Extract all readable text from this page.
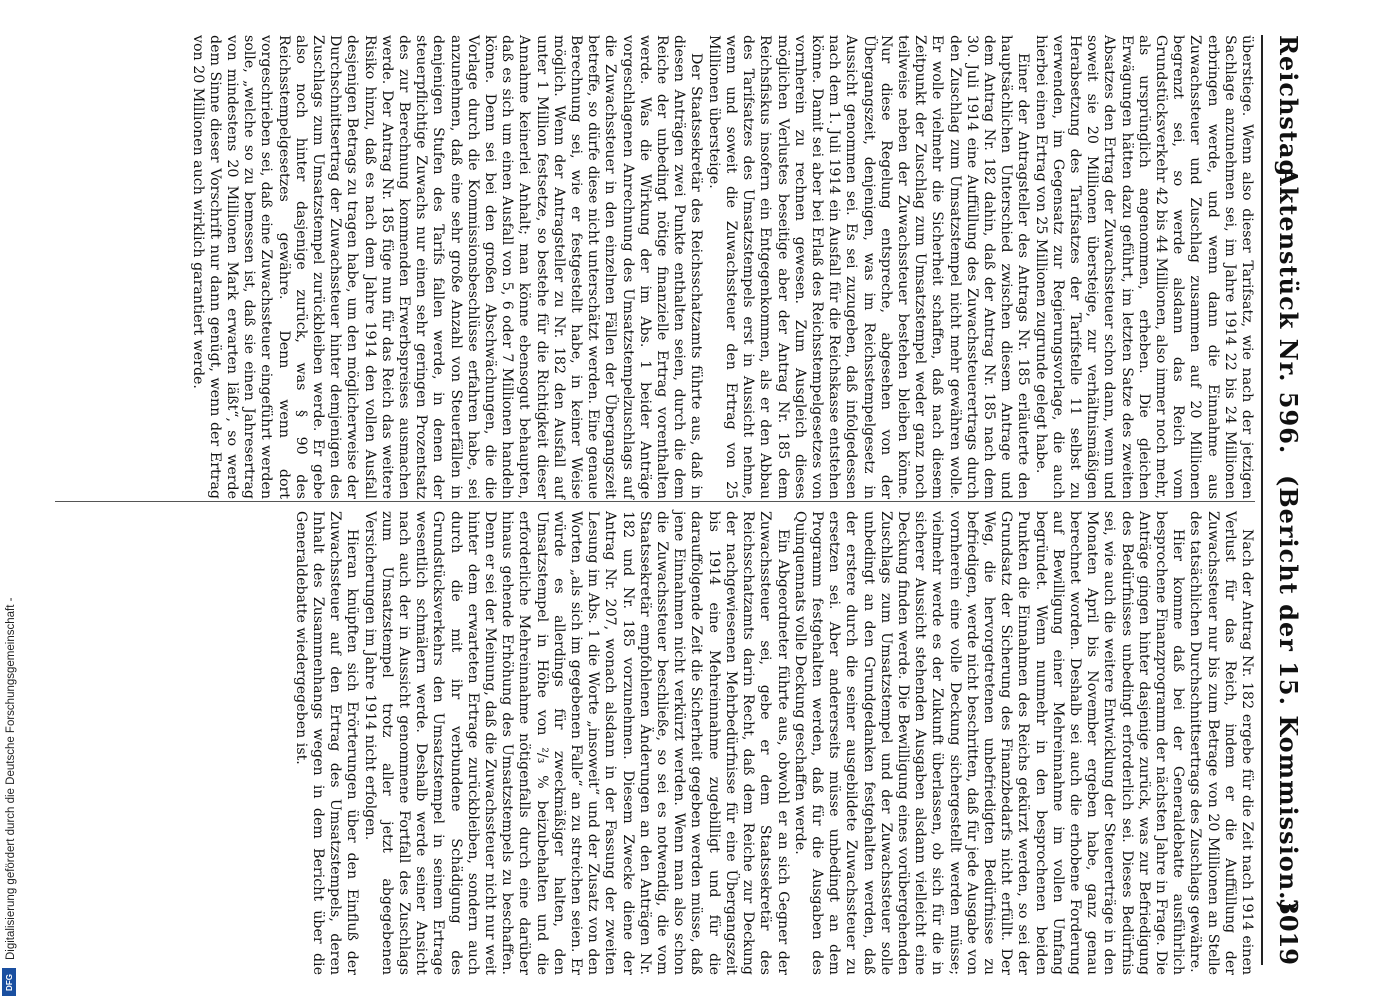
Reichstag.
Aktenstück Nr. 596.
(Bericht der 15. Kommission.)
3019

überstiege. Wenn also dieser Tarifsatz, wie nach der jetzigen Sachlage anzunehmen sei, im Jahre 1914 22 bis 24 Millionen erbringen werde, und wenn dann die Einnahme aus Zuwachssteuer und Zuschlag zusammen auf 20 Millionen begrenzt sei, so werde alsdann das Reich vom Grundstücksverkehr 42 bis 44 Millionen, also immer noch mehr, als ursprünglich angenommen, erheben. Die gleichen Erwägungen hätten dazu geführt, im letzten Satze des zweiten Absatzes den Ertrag der Zuwachssteuer schon dann, wenn und soweit sie 20 Millionen übersteige, zur verhältnismäßigen Herabsetzung des Tarifsatzes der Tarifstelle 11 selbst zu verwenden, im Gegensatz zur Regierungsvorlage, die auch hierbei einen Ertrag von 25 Millionen zugrunde gelegt habe.

Einer der Antragsteller des Antrags Nr. 185 erläuterte den hauptsächlichen Unterschied zwischen diesem Antrage und dem Antrag Nr. 182 dahin, daß der Antrag Nr. 185 nach dem 30. Juli 1914 eine Auffüllung des Zuwachssteuerertrags durch den Zuschlag zum Umsatzstempel nicht mehr gewähren wolle. Er wolle vielmehr die Sicherheit schaffen, daß nach diesem Zeitpunkt der Zuschlag zum Umsatzstempel weder ganz noch teilweise neben der Zuwachssteuer bestehen bleiben könne. Nur diese Regelung entspreche, abgesehen von der Übergangszeit, denjenigen, was im Reichsstempelgesetz in Aussicht genommen sei. Es sei zuzugeben, daß infolgedessen nach dem 1. Juli 1914 ein Ausfall für die Reichskasse entstehen könne. Damit sei aber bei Erlaß des Reichsstempelgesetzes von vornherein zu rechnen gewesen. Zum Ausgleich dieses möglichen Verlustes beseitige aber der Antrag Nr. 185 dem Reichsfiskus insofern ein Entgegenkommen, als er den Abbau des Tarifsatzes des Umsatzstempels erst in Aussicht nehme, wenn und soweit die Zuwachssteuer den Ertrag von 25 Millionen übersteige.

Der Staatssekretär des Reichsschatzamts führte aus, daß in diesen Anträgen zwei Punkte enthalten seien, durch die dem Reiche der unbedingt nötige finanzielle Ertrag vorenthalten werde. Was die Wirkung der im Abs. 1 beider Anträge vorgeschlagenen Anrechnung des Umsatzstempelzuschlags auf die Zuwachssteuer in den einzelnen Fällen der Übergangszeit betreffe, so dürfe diese nicht unterschätzt werden. Eine genaue Berechnung sei, wie er festgestellt habe, in keiner Weise möglich. Wenn der Antragsteller zu Nr. 182 den Ausfall auf unter 1 Million festsetze, so bestehe für die Richtigkeit dieser Annahme keinerlei Anhalt; man könne ebensogut behaupten, daß es sich um einen Ausfall von 5, 6 oder 7 Millionen handeln könne. Denn sei bei den großen Abschwächungen, die die Vorlage durch die Kommissionsbeschlüsse erfahren habe, sei anzunehmen, daß eine sehr große Anzahl von Steuerfällen in denjenigen Stufen des Tarifs fallen werde, in denen der steuerpflichtige Zuwachs nur einen sehr geringen Prozentsatz des zur Berechnung kommenden Erwerbspreises ausmachen werde. Der Antrag Nr. 185 füge nun für das Reich das weitere Risiko hinzu, daß es nach dem Jahre 1914 den vollen Ausfall desjenigen Betrags zu tragen habe, um den möglicherweise der Durchschnittsertrag der Zuwachssteuer hinter demjenigen des Zuschlags zum Umsatzstempel zurückbleiben werde. Er gebe also noch hinter dasjenige zurück, was § 90 des Reichsstempelgesetzes gewähre. Denn wenn dort vorgeschrieben sei, daß eine Zuwachssteuer eingeführt werden solle, „welche so zu bemessen ist, daß sie einen Jahresertrag von mindestens 20 Millionen Mark erwarten läßt“, so werde dem Sinne dieser Vorschrift nur dann genügt, wenn der Ertrag von 20 Millionen auch wirklich garantiert werde.

Nach der Antrag Nr. 182 ergebe für die Zeit nach 1914 einen Verlust für das Reich, indem er die Auffüllung der Zuwachssteuer nur bis zum Betrage von 20 Millionen an Stelle des tatsächlichen Durchschnittsertrags des Zuschlags gewähre.

Hier komme daß bei der Generaldebatte ausführlich besprochene Finanzprogramm der nächsten Jahre in Frage. Die Anträge gingen hinter dasjenige zurück, was zur Befriedigung des Bedürfnisses unbedingt erforderlich sei. Dieses Bedürfnis sei, wie auch die weitere Entwicklung der Steuererträge in den Monaten April bis November ergeben habe, ganz genau berechnet worden. Deshalb sei auch die erhobene Forderung auf Bewilligung einer Mehreinnahme im vollen Umfang begründet. Wenn nunmehr in den besprochenen beiden Punkten die Einnahmen des Reichs gekürzt werden, so sei der Grundsatz der Sicherung des Finanzbedarfs nicht erfüllt. Der Weg, die hervorgetretenen unbefriedigten Bedürfnisse zu befriedigen, werde nicht beschritten, daß für jede Ausgabe von vornherein eine volle Deckung sichergestellt werden müsse; vielmehr werde es der Zukunft überlassen, ob sich für die in sicherer Aussicht stehenden Ausgaben alsdann vielleicht eine Deckung finden werde. Die Bewilligung eines vorübergehenden Zuschlags zum Umsatzstempel und der Zuwachssteuer solle unbedingt an den Grundgedanken festgehalten werden, daß der erstere durch die seiner ausgebildete Zuwachssteuer zu ersetzen sei. Aber andererseits müsse unbedingt an dem Programm festgehalten werden, daß für die Ausgaben des Quinquennats volle Deckung geschaffen werde.

Ein Abgeordneter führte aus, obwohl er an sich Gegner der Zuwachssteuer sei, gebe er dem Staatssekretär des Reichsschatzamts darin Recht, daß dem Reiche zur Deckung der nachgewiesenen Mehrbedürfnisse für eine Übergangszeit bis 1914 eine Mehreinnahme zugebilligt und für die darauffolgende Zeit die Sicherheit gegeben werden müsse, daß jene Einnahmen nicht verkürzt werden. Wenn man also schon die Zuwachssteuer beschließe, so sei es notwendig, die vom Staatssekretär empfohlenen Änderungen an den Anträgen Nr. 182 und Nr. 185 vorzunehmen. Diesem Zwecke diene der Antrag Nr. 207, wonach alsdann in der Fassung der zweiten Lesung im Abs. 1 die Worte „insoweit“ und der Zusatz von den Worten „als sich im gegebenen Falle“ an zu streichen seien. Er würde es allerdings für zweckmäßiger halten, den Umsatzstempel in Höhe von ²/₃ % beizubehalten und die erforderliche Mehreinnahme nötigenfalls durch eine darüber hinaus gehende Erhöhung des Umsatzstempels zu beschaffen. Denn er sei der Meinung, daß die Zuwachssteuer nicht nur weit hinter dem erwarteten Ertrage zurückbleiben, sondern auch durch die mit ihr verbundene Schädigung des Grundstücksverkehrs den Umsatzstempel in seinem Ertrage wesentlich schmälern werde. Deshalb werde seiner Ansicht nach auch der in Aussicht genommene Fortfall des Zuschlags zum Umsatzstempel trotz aller jetzt abgegebenen Versicherungen im Jahre 1914 nicht erfolgen.

Hieran knüpften sich Erörterungen über den Einfluß der Zuwachssteuer auf den Ertrag des Umsatzstempels, deren Inhalt des Zusammenhangs wegen in dem Bericht über die Generaldebatte wiedergegeben ist.

Digitalisierung gefördert durch die Deutsche Forschungsgemeinschaft -
DFG
